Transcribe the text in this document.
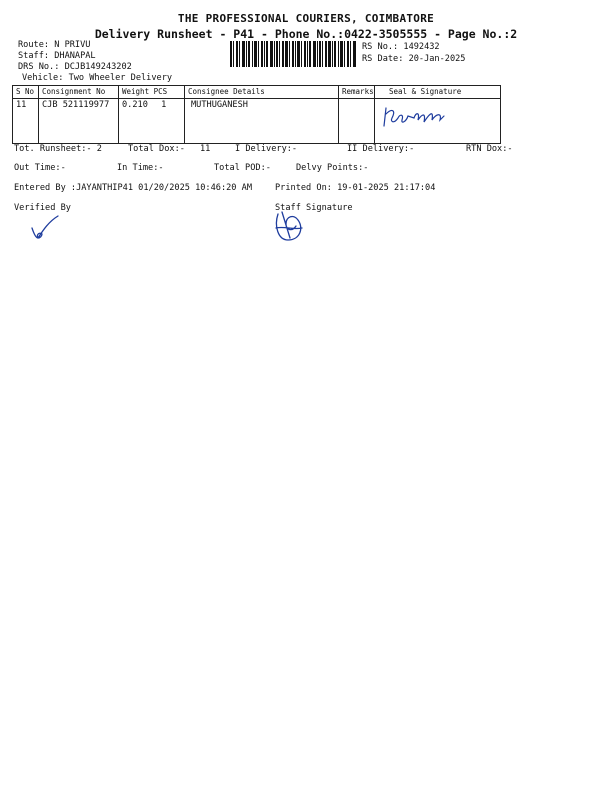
THE PROFESSIONAL COURIERS, COIMBATORE
Delivery Runsheet - P41 - Phone No.:0422-3505555 - Page No.:2
Route: N PRIVU
Staff: DHANAPAL
DRS No.: DCJB149243202
Vehicle: Two Wheeler Delivery
RS No.: 1492432
RS Date: 20-Jan-2025
S No	Consignment No	Weight PCS	Consignee Details	Remarks	Seal & Signature
11	CJB 521119977	0.210 1	MUTHUGANESH		
Tot. Runsheet:- 2	Total Dox:- 11	I Delivery:-	II Delivery:-	RTN Dox:-
Out Time:-	In Time:-	Total POD:-	Delvy Points:-
Entered By :JAYANTHIP41 01/20/2025 10:46:20 AM	Printed On: 19-01-2025 21:17:04
Verified By	Staff Signature
